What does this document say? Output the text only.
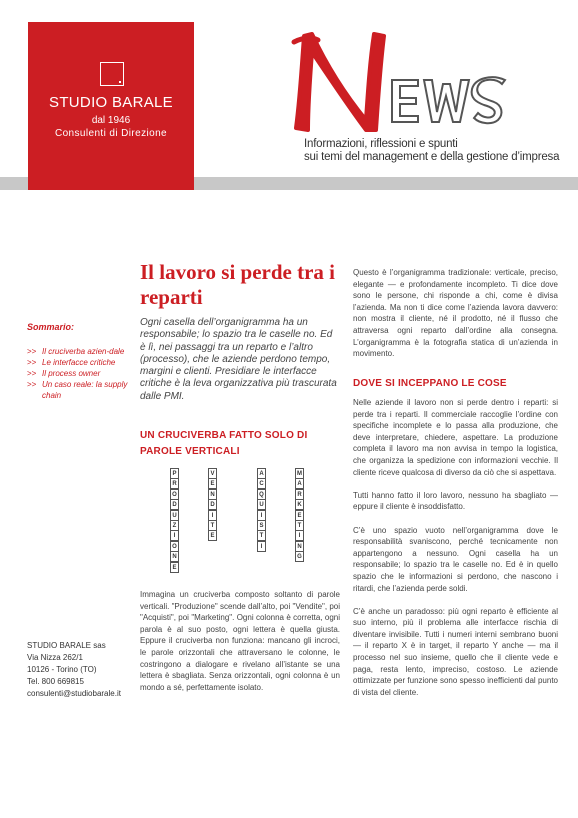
STUDIO BARALE
dal 1946
Consulenti di Direzione
Informazioni, riflessioni e spunti
sui temi del management e della gestione d’impresa
Sommario:
>> Il cruciverba azien-dale
>> Le interfacce critiche
>> Il process owner
>> Un caso reale: la supply chain
STUDIO BARALE sas
Via Nizza 262/1
10126 - Torino (TO)
Tel. 800 669815
consulenti@studiobarale.it
Il lavoro si perde tra i reparti
Ogni casella dell’organigramma ha un responsabile; lo spazio tra le caselle no. Ed è lì, nei passaggi tra un reparto e l’altro (processo), che le aziende perdono tempo, margini e clienti. Presidiare le interfacce critiche è la leva organizzativa più trascurata dalle PMI.
UN CRUCIVERBA FATTO SOLO DI PAROLE VERTICALI
P
R
O
D
U
Z
I
O
N
E
V
E
N
D
I
T
E
A
C
Q
U
I
S
T
I
M
A
R
K
E
T
I
N
G

Immagina un cruciverba composto soltanto di parole verticali. "Produzione" scende dall’alto, poi "Vendite", poi "Acquisti", poi "Marketing". Ogni colonna è corretta, ogni parola è al suo posto, ogni lettera è quella giusta. Eppure il cruciverba non funziona: mancano gli incroci, le parole orizzontali che attraversano le colonne, le costringono a dialogare e rivelano all’istante se una lettera è sbagliata. Senza orizzontali, ogni colonna è un mondo a sé, perfettamente isolato.

Questo è l’organigramma tradizionale: verticale, preciso, elegante — e profondamente incompleto. Ti dice dove sono le persone, chi risponde a chi, come è divisa l’azienda. Ma non ti dice come l’azienda lavora davvero: non mostra il cliente, né il prodotto, né il flusso che attraversa ogni reparto dall’ordine alla consegna. L’organigramma è la fotografia statica di un’azienda in movimento.

DOVE SI INCEPPANO LE COSE

Nelle aziende il lavoro non si perde dentro i reparti: si perde tra i reparti. Il commerciale raccoglie l’ordine con specifiche incomplete e lo passa alla produzione, che deve interpretare, chiedere, aspettare. La produzione completa il lavoro ma non avvisa in tempo la logistica, che organizza la spedizione con informazioni vecchie. Il cliente riceve qualcosa di diverso da ciò che si aspettava.

Tutti hanno fatto il loro lavoro, nessuno ha sbagliato — eppure il cliente è insoddisfatto.

C’è uno spazio vuoto nell’organigramma dove le responsabilità svaniscono, perché tecnicamente non appartengono a nessuno. Ogni casella ha un responsabile; lo spazio tra le caselle no. Ed è in quello spazio che le informazioni si perdono, che nascono i ritardi, che l’azienda perde soldi.

C’è anche un paradosso: più ogni reparto è efficiente al suo interno, più il problema alle interfacce rischia di diventare invisibile. Tutti i numeri interni sembrano buoni — il reparto X è in target, il reparto Y anche — ma il processo nel suo insieme, quello che il cliente vede e paga, resta lento, impreciso, costoso. Le aziende ottimizzate per funzione sono spesso inefficienti dal punto di vista del cliente.
